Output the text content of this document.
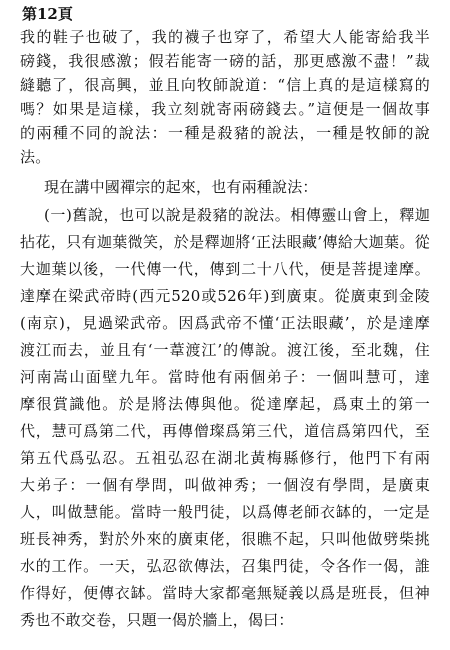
第12頁
我的鞋子也破了，我的襪子也穿了，希望大人能寄給我半
磅錢，我很感激；假若能寄一磅的話，那更感激不盡！”裁
縫聽了，很高興，並且向牧師說道：“信上真的是這樣寫的
嗎？如果是這樣，我立刻就寄兩磅錢去。”這便是一個故事
的兩種不同的說法：一種是殺豬的說法，一種是牧師的說
法。
現在講中國禪宗的起來，也有兩種說法：
(一)舊說，也可以說是殺豬的說法。相傳靈山會上，釋迦
拈花，只有迦葉微笑，於是釋迦將‘正法眼藏’傳給大迦葉。從
大迦葉以後，一代傳一代，傳到二十八代，便是菩提達摩。
達摩在梁武帝時(西元520或526年)到廣東。從廣東到金陵
(南京)，見過梁武帝。因爲武帝不懂‘正法眼藏’，於是達摩
渡江而去，並且有‘一葦渡江’的傳說。渡江後，至北魏，住
河南嵩山面壁九年。當時他有兩個弟子：一個叫慧可，達
摩很賞識他。於是將法傳與他。從達摩起，爲東土的第一
代，慧可爲第二代，再傳僧璨爲第三代，道信爲第四代，至
第五代爲弘忍。五祖弘忍在湖北黃梅縣修行，他門下有兩
大弟子：一個有學問，叫做神秀；一個沒有學問，是廣東
人，叫做慧能。當時一般門徒，以爲傳老師衣缽的，一定是
班長神秀，對於外來的廣東佬，很瞧不起，只叫他做劈柴挑
水的工作。一天，弘忍欲傳法，召集門徒，令各作一偈，誰
作得好，便傳衣缽。當時大家都毫無疑義以爲是班長，但神
秀也不敢交卷，只題一偈於牆上，偈曰：
